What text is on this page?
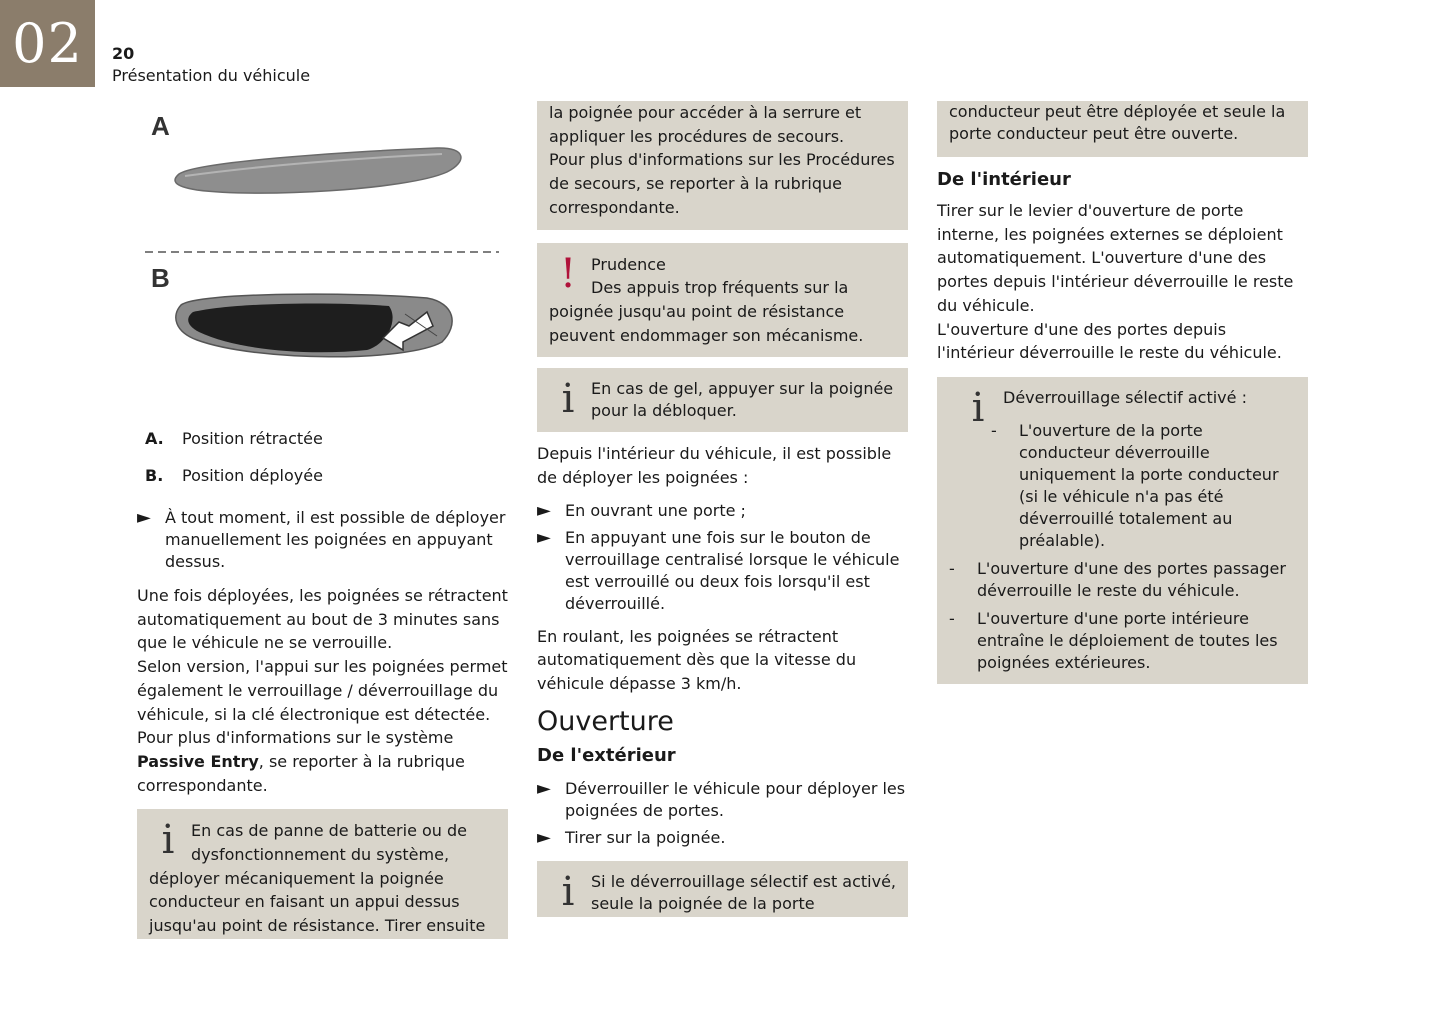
02	20
Présentation du véhicule
A
B
A. Position rétractée
B. Position déployée
► À tout moment, il est possible de déployer manuellement les poignées en appuyant dessus.

Une fois déployées, les poignées se rétractent automatiquement au bout de 3 minutes sans que le véhicule ne se verrouille.

Selon version, l'appui sur les poignées permet également le verrouillage / déverrouillage du véhicule, si la clé électronique est détectée.

Pour plus d'informations sur le système
Passive Entry, se reporter à la rubrique correspondante.

i	En cas de panne de batterie ou de dysfonctionnement du système, déployer mécaniquement la poignée conducteur en faisant un appui dessus jusqu'au point de résistance. Tirer ensuite

la poignée pour accéder à la serrure et appliquer les procédures de secours.

Pour plus d'informations sur les Procédures de secours, se reporter à la rubrique correspondante.

! Prudence
Des appuis trop fréquents sur la poignée jusqu'au point de résistance peuvent endommager son mécanisme.
i	En cas de gel, appuyer sur la poignée pour la débloquer.

Depuis l'intérieur du véhicule, il est possible de déployer les poignées :

► En ouvrant une porte ;
► En appuyant une fois sur le bouton de verrouillage centralisé lorsque le véhicule est verrouillé ou deux fois lorsqu'il est déverrouillé.

En roulant, les poignées se rétractent automatiquement dès que la vitesse du véhicule dépasse 3 km/h.

Ouverture
De l'extérieur
► Déverrouiller le véhicule pour déployer les poignées de portes.
► Tirer sur la poignée.
i	Si le déverrouillage sélectif est activé, seule la poignée de la porte
conducteur peut être déployée et seule la porte conducteur peut être ouverte.
De l'intérieur

Tirer sur le levier d'ouverture de porte interne, les poignées externes se déploient automatiquement. L'ouverture d'une des portes depuis l'intérieur déverrouille le reste du véhicule.

L'ouverture d'une des portes depuis l'intérieur déverrouille le reste du véhicule.

i	Déverrouillage sélectif activé :
- L'ouverture de la porte conducteur déverrouille uniquement la porte conducteur (si le véhicule n'a pas été déverrouillé totalement au préalable).
- L'ouverture d'une des portes passager déverrouille le reste du véhicule.
- L'ouverture d'une porte intérieure entraîne le déploiement de toutes les poignées extérieures.
